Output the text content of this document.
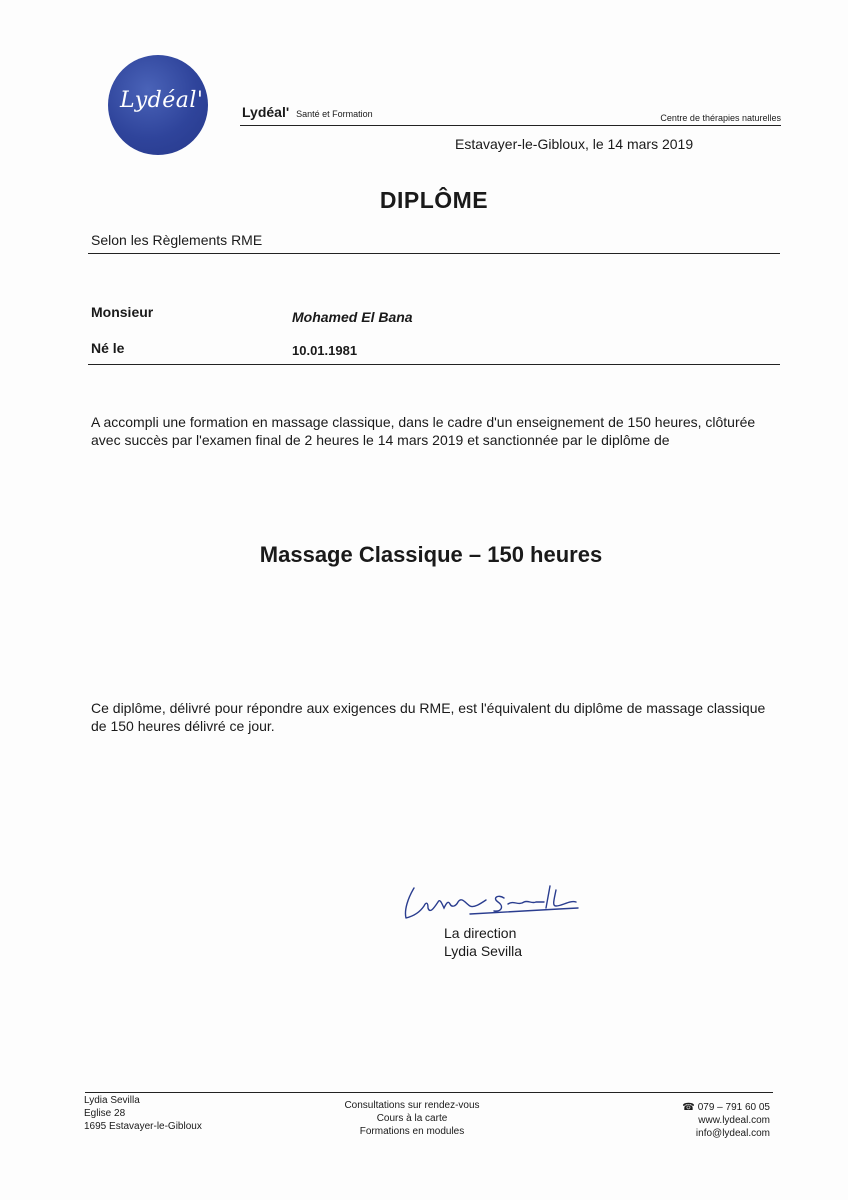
Lydéal'	Lydéal' Santé et Formation	Centre de thérapies naturelles
Estavayer-le-Gibloux, le 14 mars 2019
DIPLÔME
Selon les Règlements RME
Monsieur	Mohamed El Bana
Né le	10.01.1981
A accompli une formation en massage classique, dans le cadre d'un enseignement de 150 heures, clôturée avec succès par l'examen final de 2 heures le 14 mars 2019 et sanctionnée par le diplôme de
Massage Classique – 150 heures
Ce diplôme, délivré pour répondre aux exigences du RME, est l'équivalent du diplôme de massage classique de 150 heures délivré ce jour.
La direction
Lydia Sevilla
Lydia Sevilla
Eglise 28
1695 Estavayer-le-Gibloux
Consultations sur rendez-vous
Cours à la carte
Formations en modules
☎ 079 – 791 60 05
www.lydeal.com
info@lydeal.com
